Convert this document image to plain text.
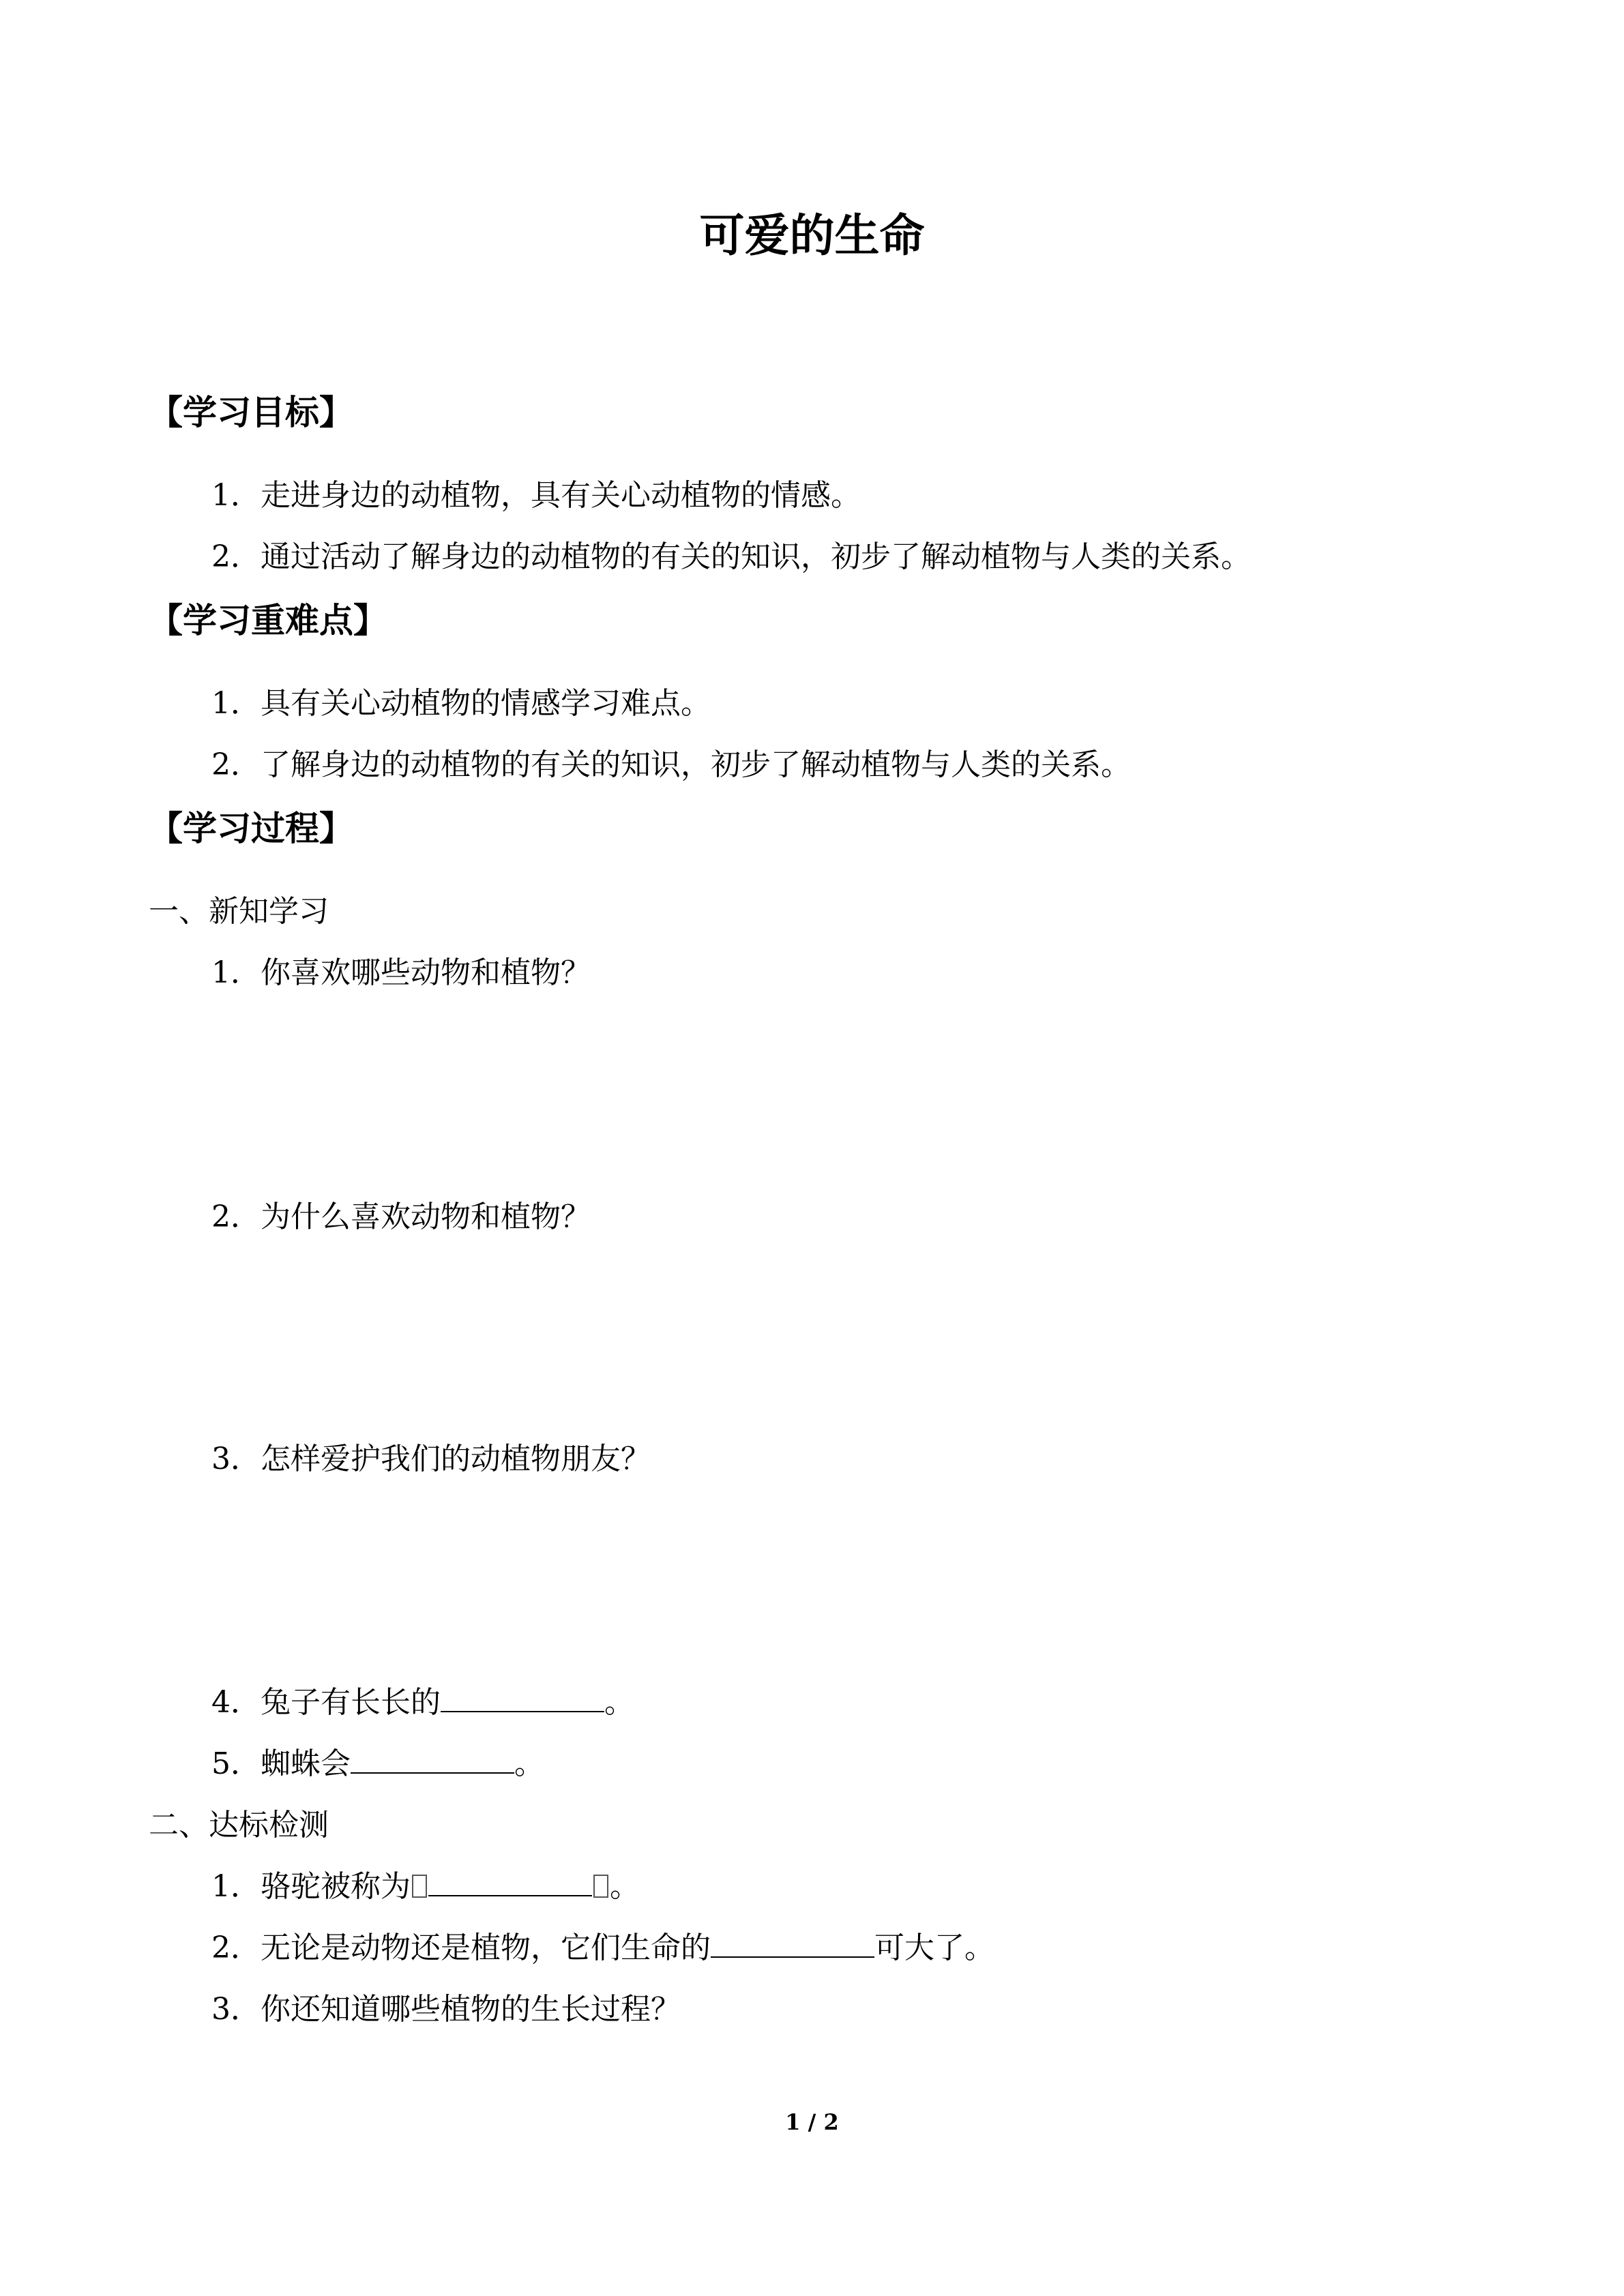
可爱的生命
【学习目标】
1．走进身边的动植物，具有关心动植物的情感。
2．通过活动了解身边的动植物的有关的知识，初步了解动植物与人类的关系。
【学习重难点】
1．具有关心动植物的情感学习难点。
2．了解身边的动植物的有关的知识，初步了解动植物与人类的关系。
【学习过程】
一、新知学习
1．你喜欢哪些动物和植物？
2．为什么喜欢动物和植物？
3．怎样爱护我们的动植物朋友？
4．兔子有长长的	。
5．蜘蛛会	。
二、达标检测
1．骆驼被称为	。
2．无论是动物还是植物，它们生命的	可大了。
3．你还知道哪些植物的生长过程？
1 / 2
